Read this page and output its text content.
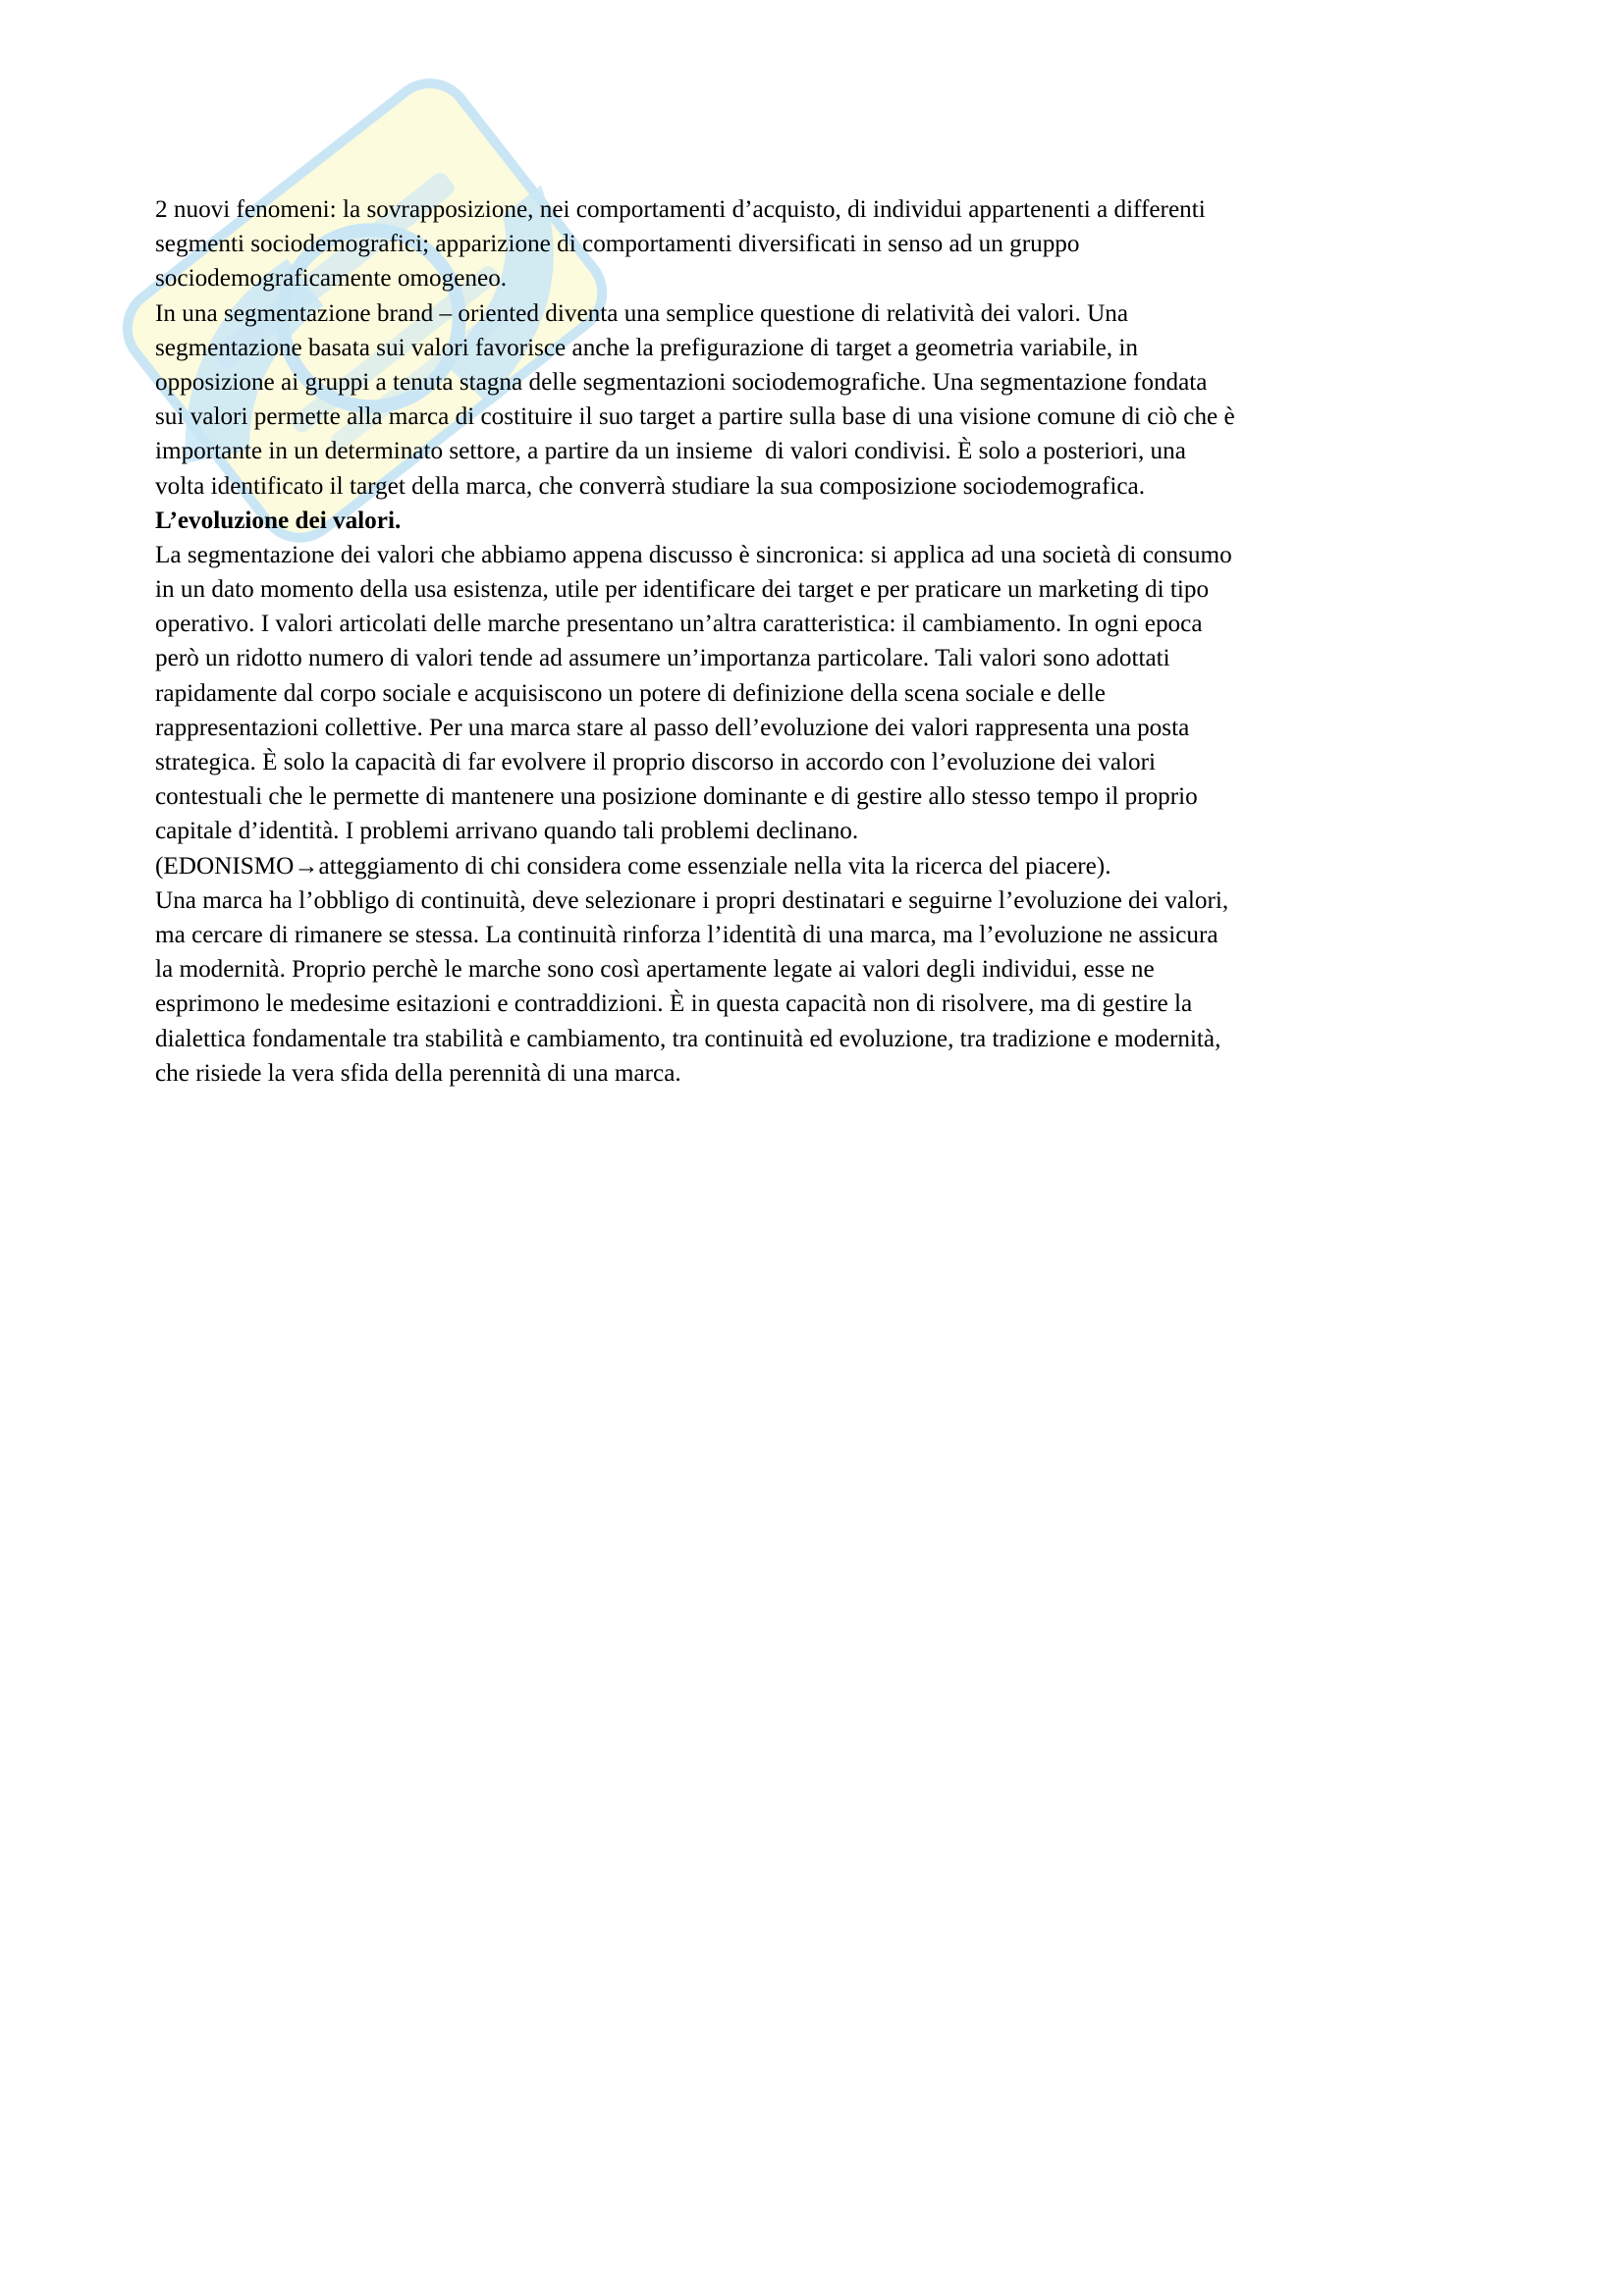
2 nuovi fenomeni: la sovrapposizione, nei comportamenti d’acquisto, di individui appartenenti a differenti
segmenti sociodemografici; apparizione di comportamenti diversificati in senso ad un gruppo
sociodemograficamente omogeneo.
In una segmentazione brand – oriented diventa una semplice questione di relatività dei valori. Una
segmentazione basata sui valori favorisce anche la prefigurazione di target a geometria variabile, in
opposizione ai gruppi a tenuta stagna delle segmentazioni sociodemografiche. Una segmentazione fondata
sui valori permette alla marca di costituire il suo target a partire sulla base di una visione comune di ciò che è
importante in un determinato settore, a partire da un insieme  di valori condivisi. È solo a posteriori, una
volta identificato il target della marca, che converrà studiare la sua composizione sociodemografica.
L’evoluzione dei valori.
La segmentazione dei valori che abbiamo appena discusso è sincronica: si applica ad una società di consumo
in un dato momento della usa esistenza, utile per identificare dei target e per praticare un marketing di tipo
operativo. I valori articolati delle marche presentano un’altra caratteristica: il cambiamento. In ogni epoca
però un ridotto numero di valori tende ad assumere un’importanza particolare. Tali valori sono adottati
rapidamente dal corpo sociale e acquisiscono un potere di definizione della scena sociale e delle
rappresentazioni collettive. Per una marca stare al passo dell’evoluzione dei valori rappresenta una posta
strategica. È solo la capacità di far evolvere il proprio discorso in accordo con l’evoluzione dei valori
contestuali che le permette di mantenere una posizione dominante e di gestire allo stesso tempo il proprio
capitale d’identità. I problemi arrivano quando tali problemi declinano.
(EDONISMO→atteggiamento di chi considera come essenziale nella vita la ricerca del piacere).
Una marca ha l’obbligo di continuità, deve selezionare i propri destinatari e seguirne l’evoluzione dei valori,
ma cercare di rimanere se stessa. La continuità rinforza l’identità di una marca, ma l’evoluzione ne assicura
la modernità. Proprio perchè le marche sono così apertamente legate ai valori degli individui, esse ne
esprimono le medesime esitazioni e contraddizioni. È in questa capacità non di risolvere, ma di gestire la
dialettica fondamentale tra stabilità e cambiamento, tra continuità ed evoluzione, tra tradizione e modernità,
che risiede la vera sfida della perennità di una marca.
